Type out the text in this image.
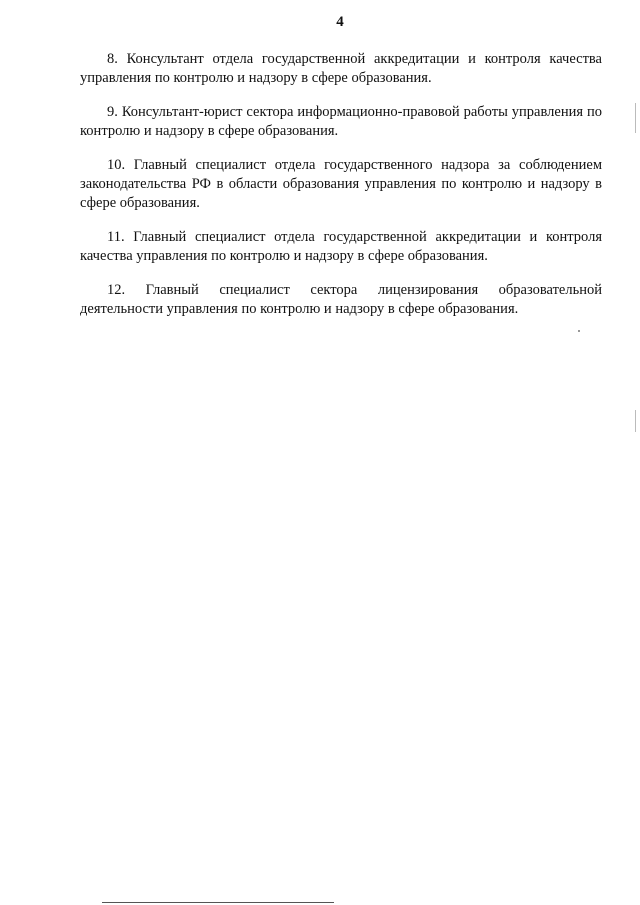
4

8. Консультант отдела государственной аккредитации и контроля качества управления по контролю и надзору в сфере образования.

9. Консультант-юрист сектора информационно-правовой работы управления по контролю и надзору в сфере образования.

10. Главный специалист отдела государственного надзора за соблюдением законодательства РФ в области образования управления по контролю и надзору в сфере образования.

11. Главный специалист отдела государственной аккредитации и контроля качества управления по контролю и надзору в сфере образования.

12. Главный специалист сектора лицензирования образовательной деятельности управления по контролю и надзору в сфере образования.
